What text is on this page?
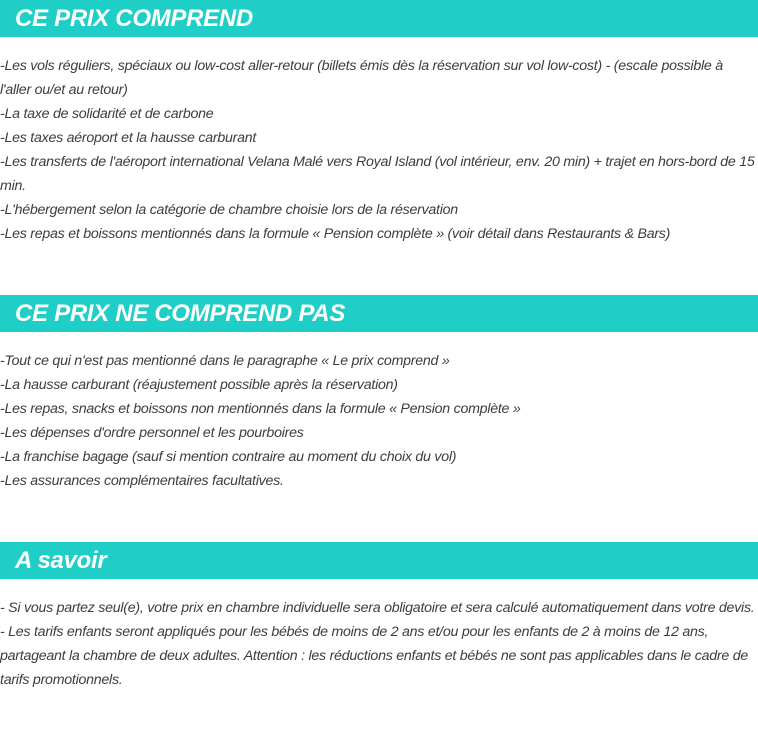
CE PRIX COMPREND
-Les vols réguliers, spéciaux ou low-cost aller-retour (billets émis dès la réservation sur vol low-cost) - (escale possible à l'aller ou/et au retour)
-La taxe de solidarité et de carbone
-Les taxes aéroport et la hausse carburant
-Les transferts de l'aéroport international Velana Malé vers Royal Island (vol intérieur, env. 20 min) + trajet en hors-bord de 15 min.
-L'hébergement selon la catégorie de chambre choisie lors de la réservation
-Les repas et boissons mentionnés dans la formule « Pension complète » (voir détail dans Restaurants & Bars)
CE PRIX NE COMPREND PAS
-Tout ce qui n'est pas mentionné dans le paragraphe « Le prix comprend »
-La hausse carburant (réajustement possible après la réservation)
-Les repas, snacks et boissons non mentionnés dans la formule « Pension complète »
-Les dépenses d'ordre personnel et les pourboires
-La franchise bagage (sauf si mention contraire au moment du choix du vol)
-Les assurances complémentaires facultatives.
A savoir
- Si vous partez seul(e), votre prix en chambre individuelle sera obligatoire et sera calculé automatiquement dans votre devis.
- Les tarifs enfants seront appliqués pour les bébés de moins de 2 ans et/ou pour les enfants de 2 à moins de 12 ans, partageant la chambre de deux adultes. Attention : les réductions enfants et bébés ne sont pas applicables dans le cadre de tarifs promotionnels.
